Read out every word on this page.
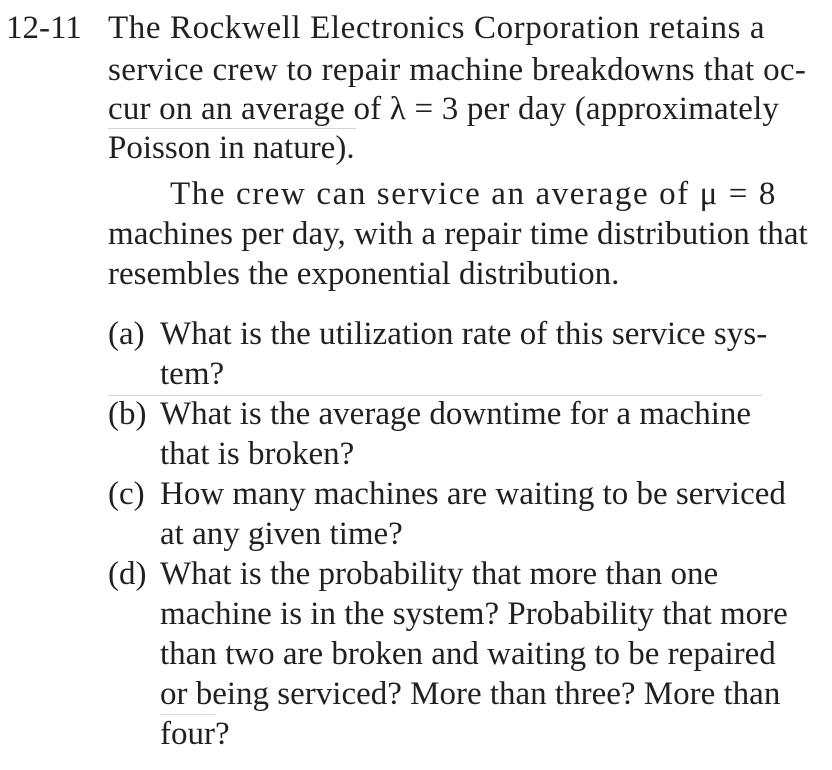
12-11 The Rockwell Electronics Corporation retains a
service crew to repair machine breakdowns that oc-
cur on an average of λ = 3 per day (approximately
Poisson in nature).
The crew can service an average of μ = 8
machines per day, with a repair time distribution that
resembles the exponential distribution.
(a) What is the utilization rate of this service sys-
tem?
(b) What is the average downtime for a machine
that is broken?
(c) How many machines are waiting to be serviced
at any given time?
(d) What is the probability that more than one
machine is in the system? Probability that more
than two are broken and waiting to be repaired
or being serviced? More than three? More than
four?
